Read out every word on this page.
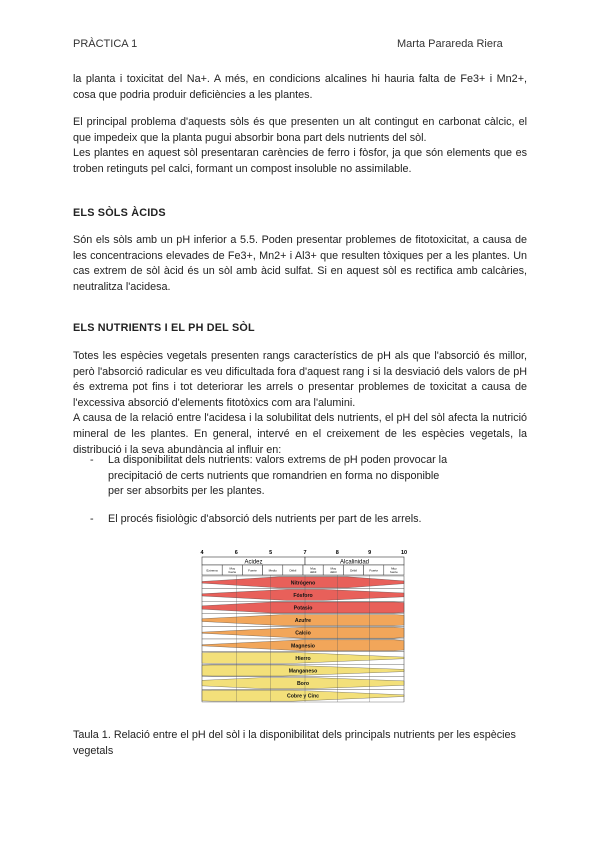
PRÀCTICA 1	Marta Parareda Riera

la planta i toxicitat del Na+. A més, en condicions alcalines hi hauria falta de Fe3+ i Mn2+, cosa que podria produir deficiències a les plantes.

El principal problema d'aquests sòls és que presenten un alt contingut en carbonat càlcic, el que impedeix que la planta pugui absorbir bona part dels nutrients del sòl.

Les plantes en aquest sòl presentaran carències de ferro i fòsfor, ja que són elements que es troben retinguts pel calci, formant un compost insoluble no assimilable.

ELS SÒLS ÀCIDS
Són els sòls amb un pH inferior a 5.5. Poden presentar problemes de fitotoxicitat, a causa de les concentracions elevades de Fe3+, Mn2+ i Al3+ que resulten tòxiques per a les plantes. Un cas extrem de sòl àcid és un sòl amb àcid sulfat. Si en aquest sòl es rectifica amb calcàries, neutralitza l'acidesa.
ELS NUTRIENTS I EL PH DEL SÒL

Totes les espècies vegetals presenten rangs característics de pH als que l'absorció és millor, però l'absorció radicular es veu dificultada fora d'aquest rang i si la desviació dels valors de pH és extrema pot fins i tot deteriorar les arrels o presentar problemes de toxicitat a causa de l'excessiva absorció d'elements fitotòxics com ara l'alumini.

A causa de la relació entre l'acidesa i la solubilitat dels nutrients, el pH del sòl afecta la nutrició mineral de les plantes. En general, intervé en el creixement de les espècies vegetals, la distribució i la seva abundància al influir en:

- La disponibilitat dels nutrients: valors extrems de pH poden provocar la
precipitació de certs nutrients que romandrien en forma no disponible
per ser absorbits per les plantes.
- El procés fisiològic d'absorció dels nutrients per part de les arrels.
4	6	5	7	8	9	10
Acidez	Alcalinidad
Extrema	Muy
fuerte	Fuerte	Medio	Débil	Muy
débil
Muy
débil	Débil	Fuerte	Muy
fuerte
Nitrógeno
Fósforo
Potasio
Azufre
Calcio
Magnesio
Hierro
Manganeso
Boro
Cobre y Cinc
Taula 1. Relació entre el pH del sòl i la disponibilitat dels principals nutrients per les espècies vegetals
